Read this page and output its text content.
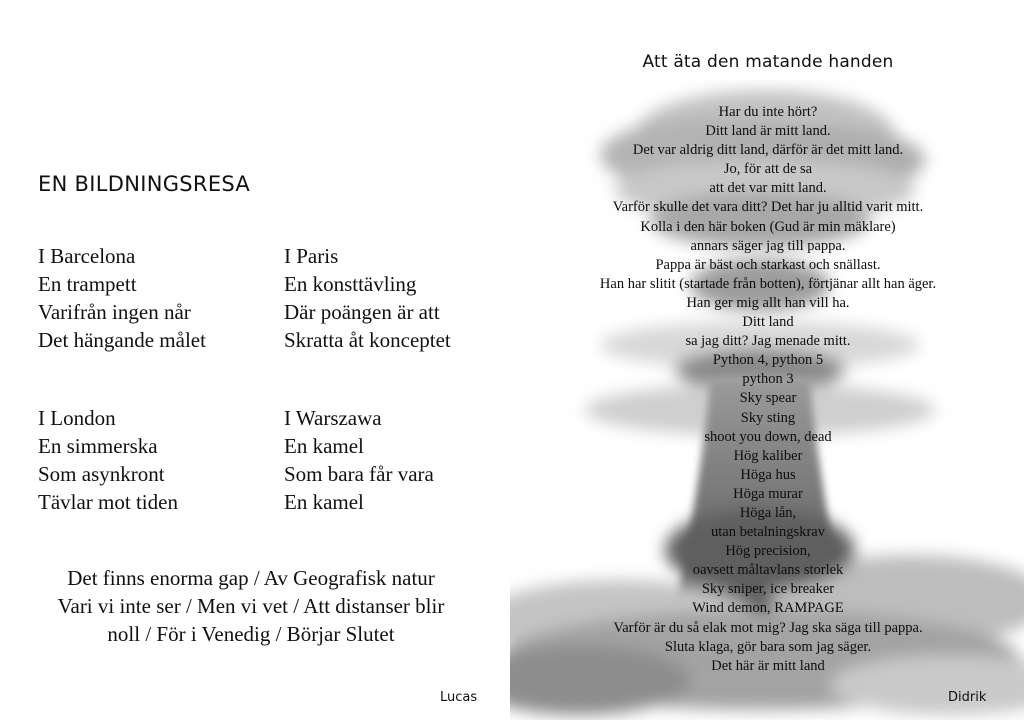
EN BILDNINGSRESA
I Barcelona
En trampett
Varifrån ingen når
Det hängande målet
I Paris
En konsttävling
Där poängen är att
Skratta åt konceptet
I London
En simmerska
Som asynkront
Tävlar mot tiden
I Warszawa
En kamel
Som bara får vara
En kamel
Det finns enorma gap / Av Geografisk natur
Vari vi inte ser / Men vi vet / Att distanser blir
noll / För i Venedig / Börjar Slutet
Lucas
Att äta den matande handen
Har du inte hört?
Ditt land är mitt land.
Det var aldrig ditt land, därför är det mitt land.
Jo, för att de sa
att det var mitt land.
Varför skulle det vara ditt? Det har ju alltid varit mitt.
Kolla i den här boken (Gud är min mäklare)
annars säger jag till pappa.
Pappa är bäst och starkast och snällast.
Han har slitit (startade från botten), förtjänar allt han äger.
Han ger mig allt han vill ha.
Ditt land
sa jag ditt? Jag menade mitt.
Python 4, python 5
python 3
Sky spear
Sky sting
shoot you down, dead
Hög kaliber
Höga hus
Höga murar
Höga lån,
utan betalningskrav
Hög precision,
oavsett måltavlans storlek
Sky sniper, ice breaker
Wind demon, RAMPAGE
Varför är du så elak mot mig? Jag ska säga till pappa.
Sluta klaga, gör bara som jag säger.
Det här är mitt land
Didrik
